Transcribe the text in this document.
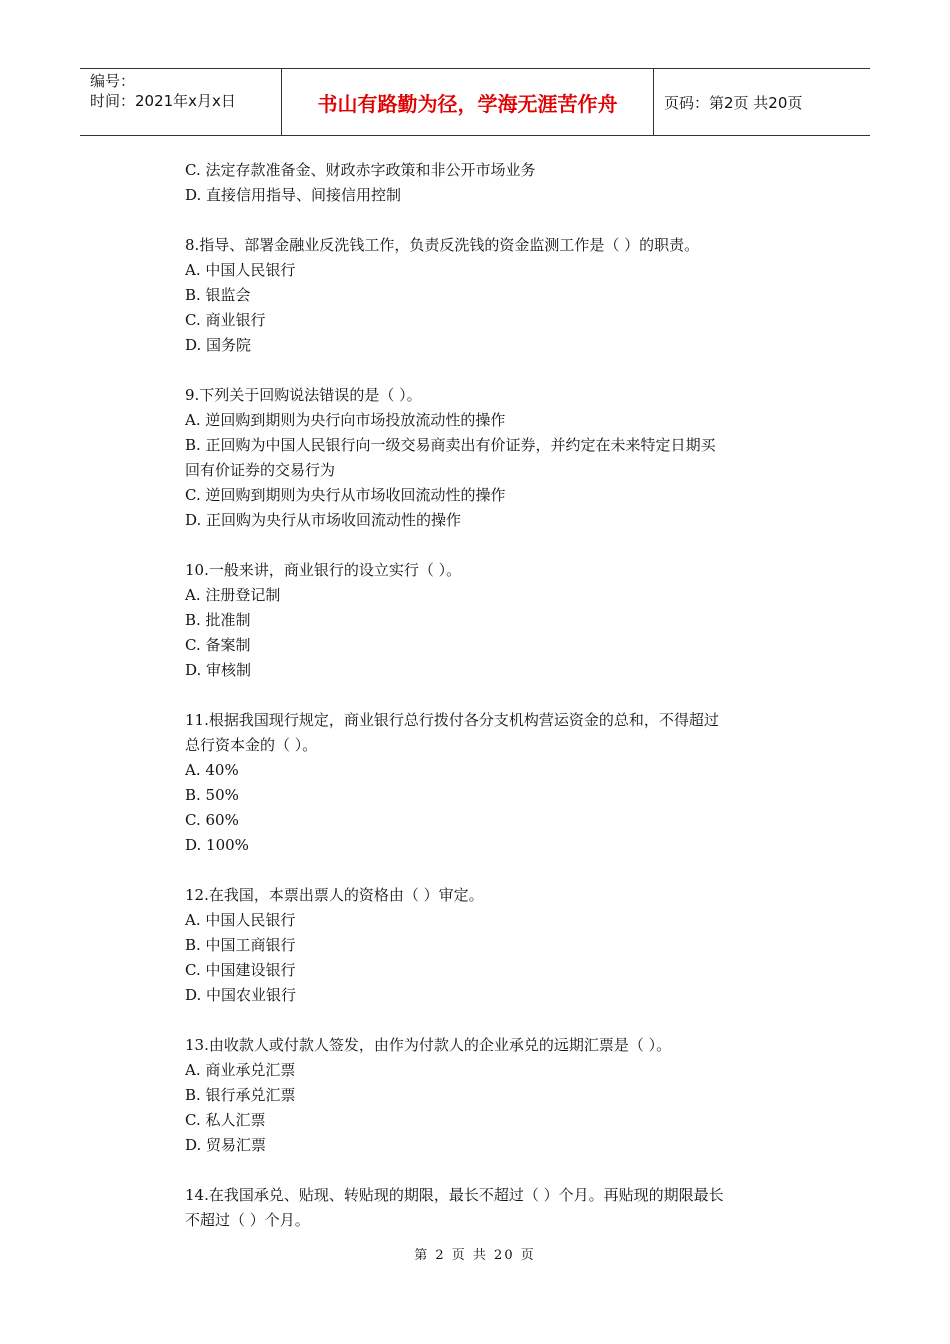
编号：
时间：2021年x月x日	书山有路勤为径，学海无涯苦作舟	页码：第2页 共20页
C. 法定存款准备金、财政赤字政策和非公开市场业务
D. 直接信用指导、间接信用控制
8.指导、部署金融业反洗钱工作，负责反洗钱的资金监测工作是（ ）的职责。
A. 中国人民银行
B. 银监会
C. 商业银行
D. 国务院
9.下列关于回购说法错误的是（ ）。
A. 逆回购到期则为央行向市场投放流动性的操作
B. 正回购为中国人民银行向一级交易商卖出有价证券，并约定在未来特定日期买
回有价证券的交易行为
C. 逆回购到期则为央行从市场收回流动性的操作
D. 正回购为央行从市场收回流动性的操作
10.一般来讲，商业银行的设立实行（ ）。
A. 注册登记制
B. 批准制
C. 备案制
D. 审核制
11.根据我国现行规定，商业银行总行拨付各分支机构营运资金的总和，不得超过
总行资本金的（ ）。
A. 40%
B. 50%
C. 60%
D. 100%
12.在我国，本票出票人的资格由（ ）审定。
A. 中国人民银行
B. 中国工商银行
C. 中国建设银行
D. 中国农业银行
13.由收款人或付款人签发，由作为付款人的企业承兑的远期汇票是（ ）。
A. 商业承兑汇票
B. 银行承兑汇票
C. 私人汇票
D. 贸易汇票
14.在我国承兑、贴现、转贴现的期限，最长不超过（ ）个月。再贴现的期限最长
不超过（ ）个月。
第 2 页 共 20 页
